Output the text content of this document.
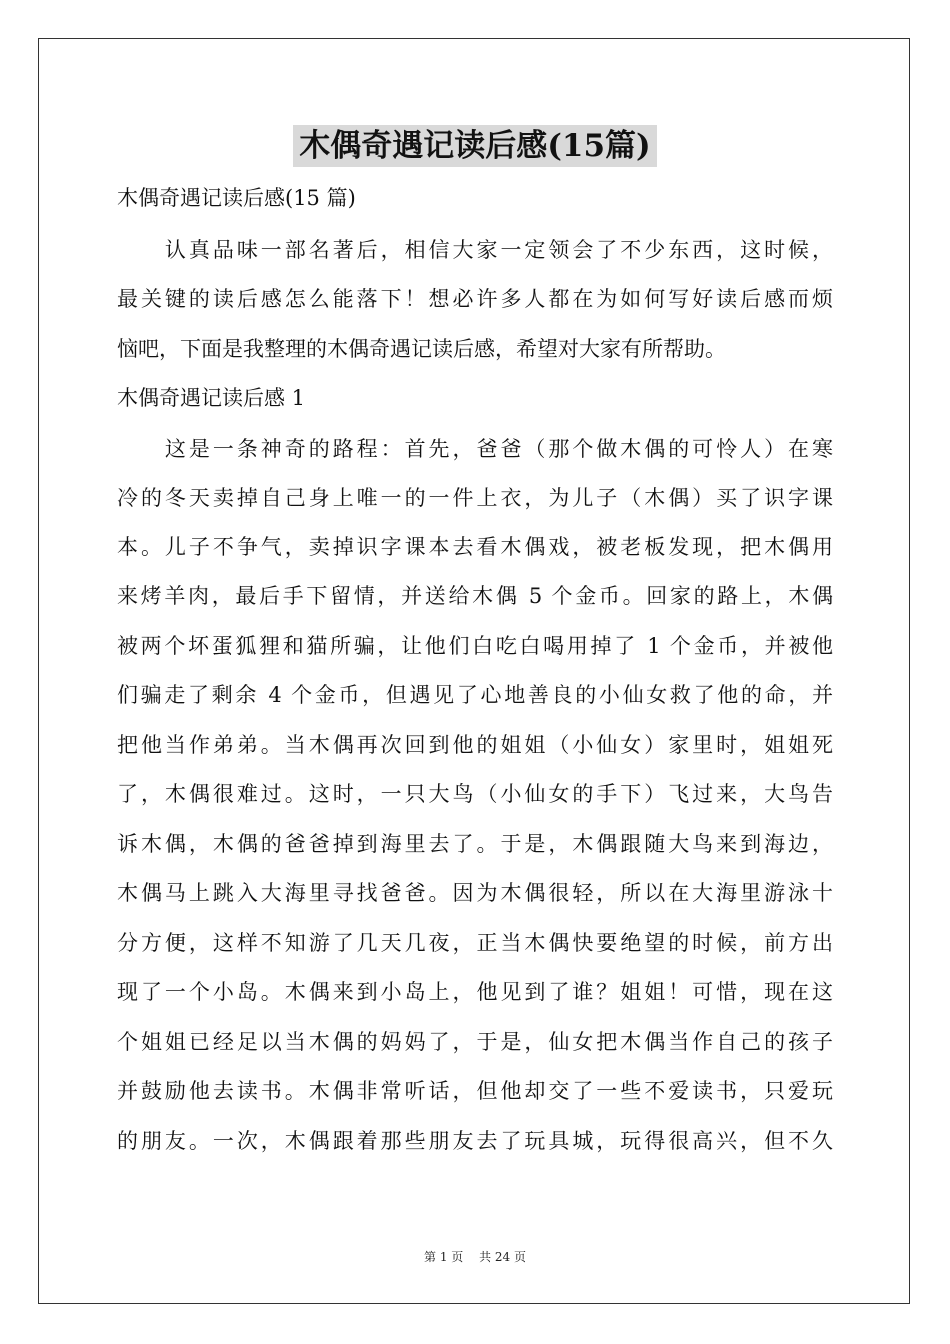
木偶奇遇记读后感(15篇)
木偶奇遇记读后感(15 篇)
　　认真品味一部名著后，相信大家一定领会了不少东西，这时候，
最关键的读后感怎么能落下！想必许多人都在为如何写好读后感而烦
恼吧，下面是我整理的木偶奇遇记读后感，希望对大家有所帮助。
木偶奇遇记读后感 1
　　这是一条神奇的路程：首先，爸爸（那个做木偶的可怜人）在寒
冷的冬天卖掉自己身上唯一的一件上衣，为儿子（木偶）买了识字课
本。儿子不争气，卖掉识字课本去看木偶戏，被老板发现，把木偶用
来烤羊肉，最后手下留情，并送给木偶 5 个金币。回家的路上，木偶
被两个坏蛋狐狸和猫所骗，让他们白吃白喝用掉了 1 个金币，并被他
们骗走了剩余 4 个金币，但遇见了心地善良的小仙女救了他的命，并
把他当作弟弟。当木偶再次回到他的姐姐（小仙女）家里时，姐姐死
了，木偶很难过。这时，一只大鸟（小仙女的手下）飞过来，大鸟告
诉木偶，木偶的爸爸掉到海里去了。于是，木偶跟随大鸟来到海边，
木偶马上跳入大海里寻找爸爸。因为木偶很轻，所以在大海里游泳十
分方便，这样不知游了几天几夜，正当木偶快要绝望的时候，前方出
现了一个小岛。木偶来到小岛上，他见到了谁？姐姐！可惜，现在这
个姐姐已经足以当木偶的妈妈了，于是，仙女把木偶当作自己的孩子
并鼓励他去读书。木偶非常听话，但他却交了一些不爱读书，只爱玩
的朋友。一次，木偶跟着那些朋友去了玩具城，玩得很高兴，但不久
第 1 页 共 24 页
